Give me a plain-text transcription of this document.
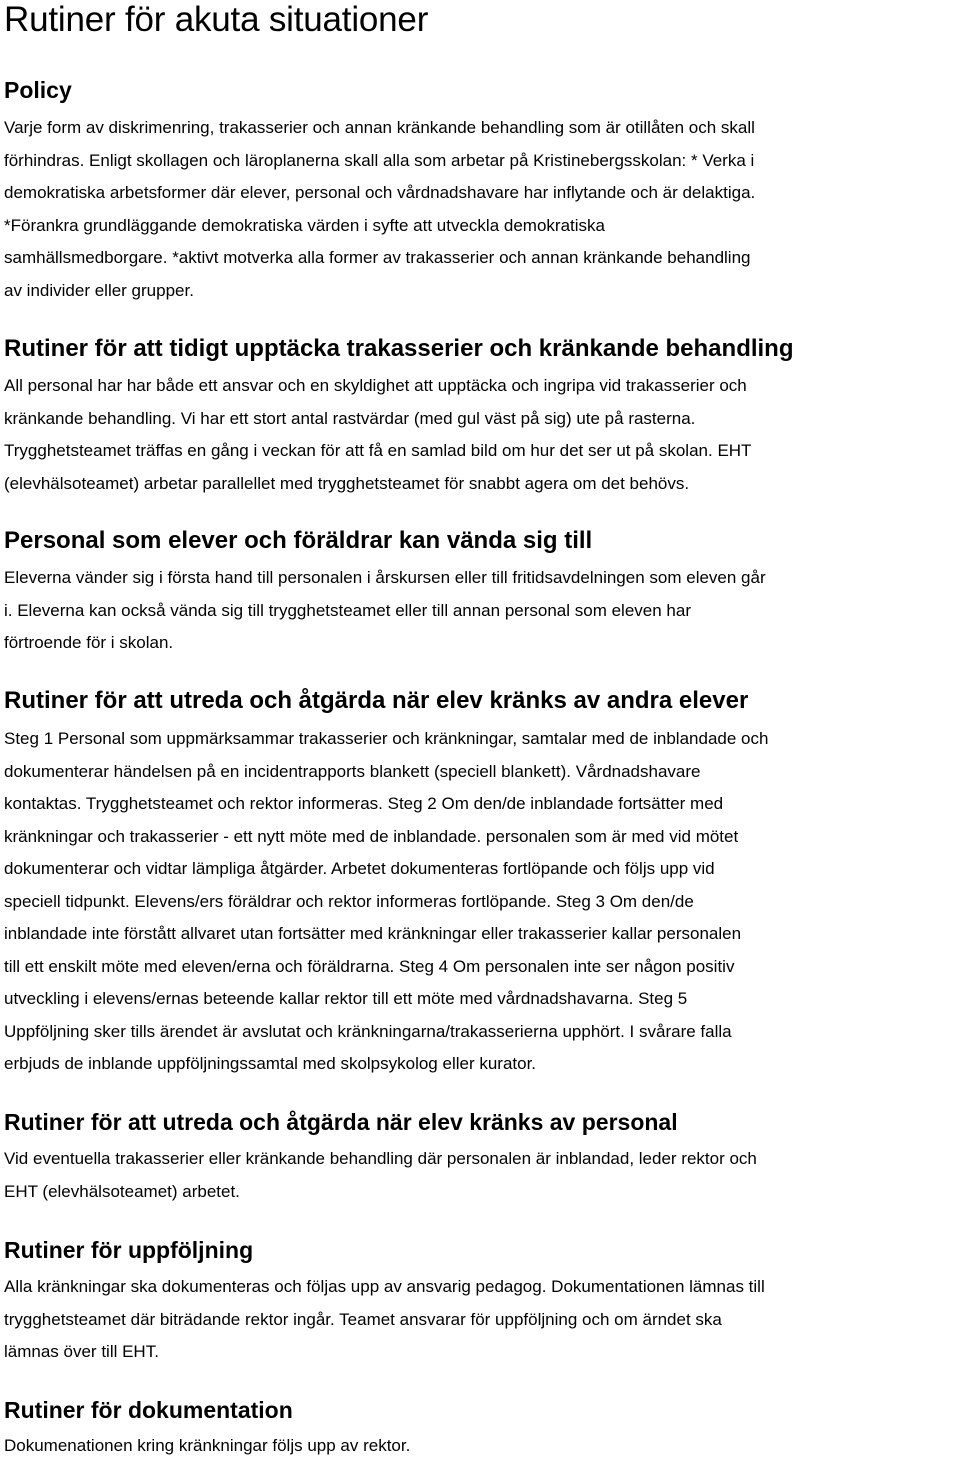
Rutiner för akuta situationer
Policy
Varje form av diskrimenring, trakasserier och annan kränkande behandling som är otillåten och skall
förhindras. Enligt skollagen och läroplanerna skall alla som arbetar på Kristinebergsskolan: * Verka i
demokratiska arbetsformer där elever, personal och vårdnadshavare har inflytande och är delaktiga.
*Förankra grundläggande demokratiska värden i syfte att utveckla demokratiska
samhällsmedborgare. *aktivt motverka alla former av trakasserier och annan kränkande behandling
av individer eller grupper.
Rutiner för att tidigt upptäcka trakasserier och kränkande behandling
All personal har har både ett ansvar och en skyldighet att upptäcka och ingripa vid trakasserier och
kränkande behandling. Vi har ett stort antal rastvärdar (med gul väst på sig) ute på rasterna.
Trygghetsteamet träffas en gång i veckan för att få en samlad bild om hur det ser ut på skolan. EHT
(elevhälsoteamet) arbetar parallellet med trygghetsteamet för snabbt agera om det behövs.
Personal som elever och föräldrar kan vända sig till
Eleverna vänder sig i första hand till personalen i årskursen eller till fritidsavdelningen som eleven går
i. Eleverna kan också vända sig till trygghetsteamet eller till annan personal som eleven har
förtroende för i skolan.
Rutiner för att utreda och åtgärda när elev kränks av andra elever
Steg 1 Personal som uppmärksammar trakasserier och kränkningar, samtalar med de inblandade och
dokumenterar händelsen på en incidentrapports blankett (speciell blankett). Vårdnadshavare
kontaktas. Trygghetsteamet och rektor informeras. Steg 2 Om den/de inblandade fortsätter med
kränkningar och trakasserier - ett nytt möte med de inblandade. personalen som är med vid mötet
dokumenterar och vidtar lämpliga åtgärder. Arbetet dokumenteras fortlöpande och följs upp vid
speciell tidpunkt. Elevens/ers föräldrar och rektor informeras fortlöpande. Steg 3 Om den/de
inblandade inte förstått allvaret utan fortsätter med kränkningar eller trakasserier kallar personalen
till ett enskilt möte med eleven/erna och föräldrarna. Steg 4 Om personalen inte ser någon positiv
utveckling i elevens/ernas beteende kallar rektor till ett möte med vårdnadshavarna. Steg 5
Uppföljning sker tills ärendet är avslutat och kränkningarna/trakasserierna upphört. I svårare falla
erbjuds de inblande uppföljningssamtal med skolpsykolog eller kurator.
Rutiner för att utreda och åtgärda när elev kränks av personal
Vid eventuella trakasserier eller kränkande behandling där personalen är inblandad, leder rektor och
EHT (elevhälsoteamet) arbetet.
Rutiner för uppföljning
Alla kränkningar ska dokumenteras och följas upp av ansvarig pedagog. Dokumentationen lämnas till
trygghetsteamet där biträdande rektor ingår. Teamet ansvarar för uppföljning och om ärndet ska
lämnas över till EHT.
Rutiner för dokumentation
Dokumenationen kring kränkningar följs upp av rektor.
